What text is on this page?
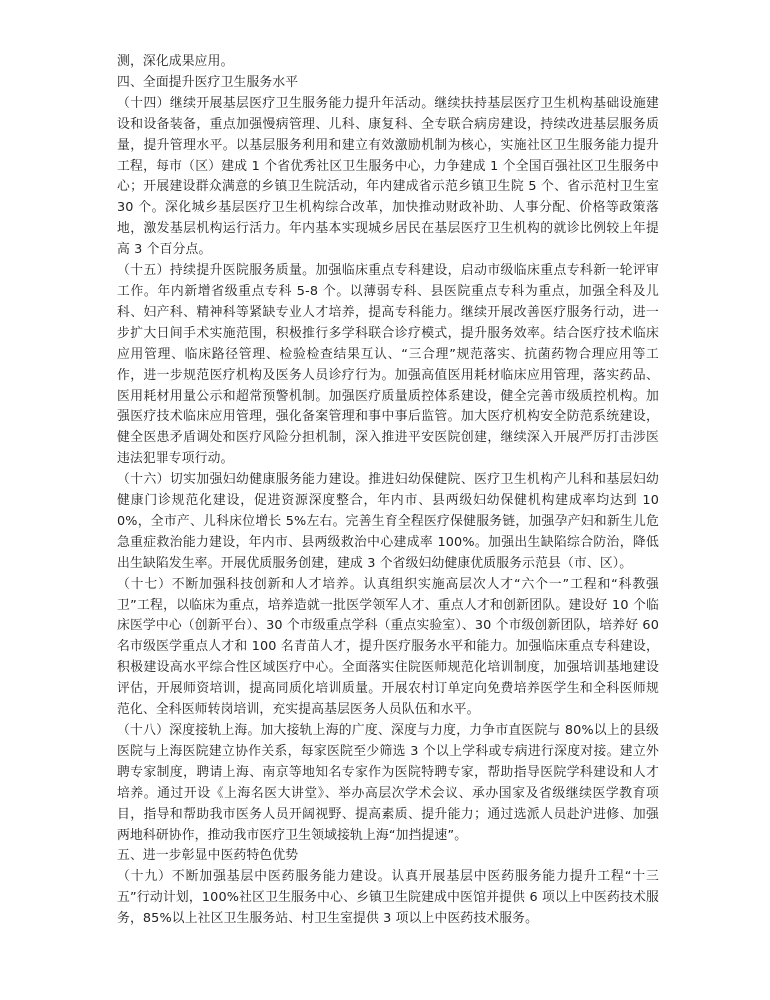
测，深化成果应用。

四、全面提升医疗卫生服务水平

（十四）继续开展基层医疗卫生服务能力提升年活动。继续扶持基层医疗卫生机构基础设施建设和设备装备，重点加强慢病管理、儿科、康复科、全专联合病房建设，持续改进基层服务质量，提升管理水平。以基层服务利用和建立有效激励机制为核心，实施社区卫生服务能力提升工程，每市（区）建成 1 个省优秀社区卫生服务中心，力争建成 1 个全国百强社区卫生服务中心；开展建设群众满意的乡镇卫生院活动，年内建成省示范乡镇卫生院 5 个、省示范村卫生室 30 个。深化城乡基层医疗卫生机构综合改革，加快推动财政补助、人事分配、价格等政策落地，激发基层机构运行活力。年内基本实现城乡居民在基层医疗卫生机构的就诊比例较上年提高 3 个百分点。

（十五）持续提升医院服务质量。加强临床重点专科建设，启动市级临床重点专科新一轮评审工作。年内新增省级重点专科 5-8 个。以薄弱专科、县医院重点专科为重点，加强全科及儿科、妇产科、精神科等紧缺专业人才培养，提高专科能力。继续开展改善医疗服务行动，进一步扩大日间手术实施范围，积极推行多学科联合诊疗模式，提升服务效率。结合医疗技术临床应用管理、临床路径管理、检验检查结果互认、“三合理”规范落实、抗菌药物合理应用等工作，进一步规范医疗机构及医务人员诊疗行为。加强高值医用耗材临床应用管理，落实药品、医用耗材用量公示和超常预警机制。加强医疗质量质控体系建设，健全完善市级质控机构。加强医疗技术临床应用管理，强化备案管理和事中事后监管。加大医疗机构安全防范系统建设，健全医患矛盾调处和医疗风险分担机制，深入推进平安医院创建，继续深入开展严厉打击涉医违法犯罪专项行动。

（十六）切实加强妇幼健康服务能力建设。推进妇幼保健院、医疗卫生机构产儿科和基层妇幼健康门诊规范化建设，促进资源深度整合，年内市、县两级妇幼保健机构建成率均达到 100%，全市产、儿科床位增长 5%左右。完善生育全程医疗保健服务链，加强孕产妇和新生儿危急重症救治能力建设，年内市、县两级救治中心建成率 100%。加强出生缺陷综合防治，降低出生缺陷发生率。开展优质服务创建，建成 3 个省级妇幼健康优质服务示范县（市、区）。

（十七）不断加强科技创新和人才培养。认真组织实施高层次人才“六个一”工程和“科教强卫”工程，以临床为重点，培养造就一批医学领军人才、重点人才和创新团队。建设好 10 个临床医学中心（创新平台）、30 个市级重点学科（重点实验室）、30 个市级创新团队，培养好 60 名市级医学重点人才和 100 名青苗人才，提升医疗服务水平和能力。加强临床重点专科建设，积极建设高水平综合性区域医疗中心。全面落实住院医师规范化培训制度，加强培训基地建设评估，开展师资培训，提高同质化培训质量。开展农村订单定向免费培养医学生和全科医师规范化、全科医师转岗培训，充实提高基层医务人员队伍和水平。

（十八）深度接轨上海。加大接轨上海的广度、深度与力度，力争市直医院与 80%以上的县级医院与上海医院建立协作关系，每家医院至少筛选 3 个以上学科或专病进行深度对接。建立外聘专家制度，聘请上海、南京等地知名专家作为医院特聘专家，帮助指导医院学科建设和人才培养。通过开设《上海名医大讲堂》、举办高层次学术会议、承办国家及省级继续医学教育项目，指导和帮助我市医务人员开阔视野、提高素质、提升能力；通过选派人员赴沪进修、加强两地科研协作，推动我市医疗卫生领域接轨上海“加挡提速”。

五、进一步彰显中医药特色优势

（十九）不断加强基层中医药服务能力建设。认真开展基层中医药服务能力提升工程“十三五”行动计划，100%社区卫生服务中心、乡镇卫生院建成中医馆并提供 6 项以上中医药技术服务，85%以上社区卫生服务站、村卫生室提供 3 项以上中医药技术服务。
